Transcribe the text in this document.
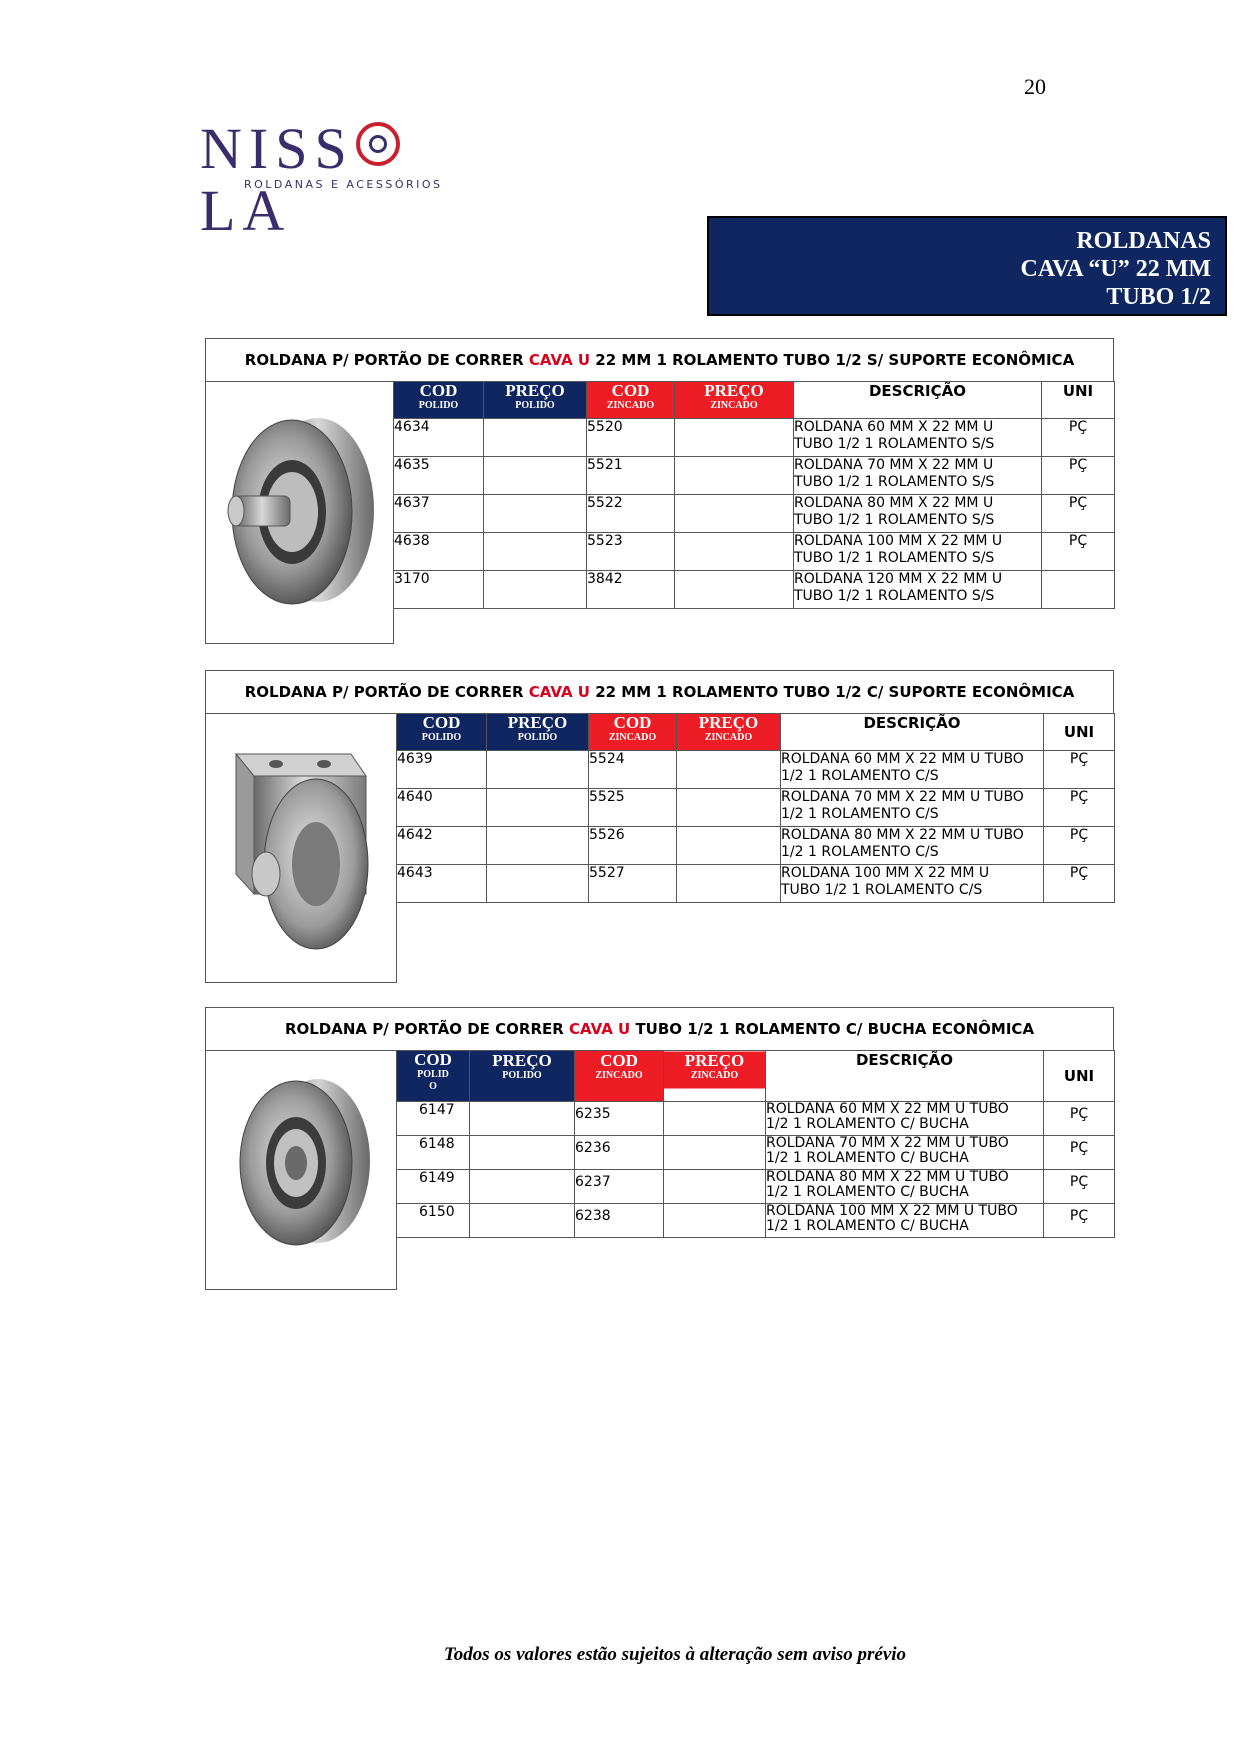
20
NISSLA
ROLDANAS E ACESSÓRIOS
ROLDANAS
CAVA “U” 22 MM
TUBO 1/2
ROLDANA P/ PORTÃO DE CORRER CAVA U 22 MM 1 ROLAMENTO TUBO 1/2 S/ SUPORTE ECONÔMICA
COD
POLIDO	PREÇO
POLIDO	COD
ZINCADO	PREÇO
ZINCADO	DESCRIÇÃO	UNI
4634		5520		ROLDANA 60 MM X 22 MM U
TUBO 1/2 1 ROLAMENTO S/S	PÇ
4635		5521		ROLDANA 70 MM X 22 MM U
TUBO 1/2 1 ROLAMENTO S/S	PÇ
4637		5522		ROLDANA 80 MM X 22 MM U
TUBO 1/2 1 ROLAMENTO S/S	PÇ
4638		5523		ROLDANA 100 MM X 22 MM U
TUBO 1/2 1 ROLAMENTO S/S	PÇ
3170		3842		ROLDANA 120 MM X 22 MM U
TUBO 1/2 1 ROLAMENTO S/S	

ROLDANA P/ PORTÃO DE CORRER CAVA U 22 MM 1 ROLAMENTO TUBO 1/2 C/ SUPORTE ECONÔMICA
COD
POLIDO	PREÇO
POLIDO	COD
ZINCADO	PREÇO
ZINCADO	DESCRIÇÃO	UNI
4639		5524		ROLDANA 60 MM X 22 MM U TUBO
1/2 1 ROLAMENTO C/S	PÇ
4640		5525		ROLDANA 70 MM X 22 MM U TUBO
1/2 1 ROLAMENTO C/S	PÇ
4642		5526		ROLDANA 80 MM X 22 MM U TUBO
1/2 1 ROLAMENTO C/S	PÇ
4643		5527		ROLDANA 100 MM X 22 MM U
TUBO 1/2 1 ROLAMENTO C/S	PÇ
ROLDANA P/ PORTÃO DE CORRER CAVA U TUBO 1/2 1 ROLAMENTO C/ BUCHA ECONÔMICA
COD
POLID
O	PREÇO
POLIDO	COD
ZINCADO	PREÇO
ZINCADO	DESCRIÇÃO	UNI
6147		6235		ROLDANA 60 MM X 22 MM U TUBO
1/2 1 ROLAMENTO C/ BUCHA	PÇ
6148		6236		ROLDANA 70 MM X 22 MM U TUBO
1/2 1 ROLAMENTO C/ BUCHA	PÇ
6149		6237		ROLDANA 80 MM X 22 MM U TUBO
1/2 1 ROLAMENTO C/ BUCHA	PÇ
6150		6238		ROLDANA 100 MM X 22 MM U TUBO
1/2 1 ROLAMENTO C/ BUCHA	PÇ
Todos os valores estão sujeitos à alteração sem aviso prévio
